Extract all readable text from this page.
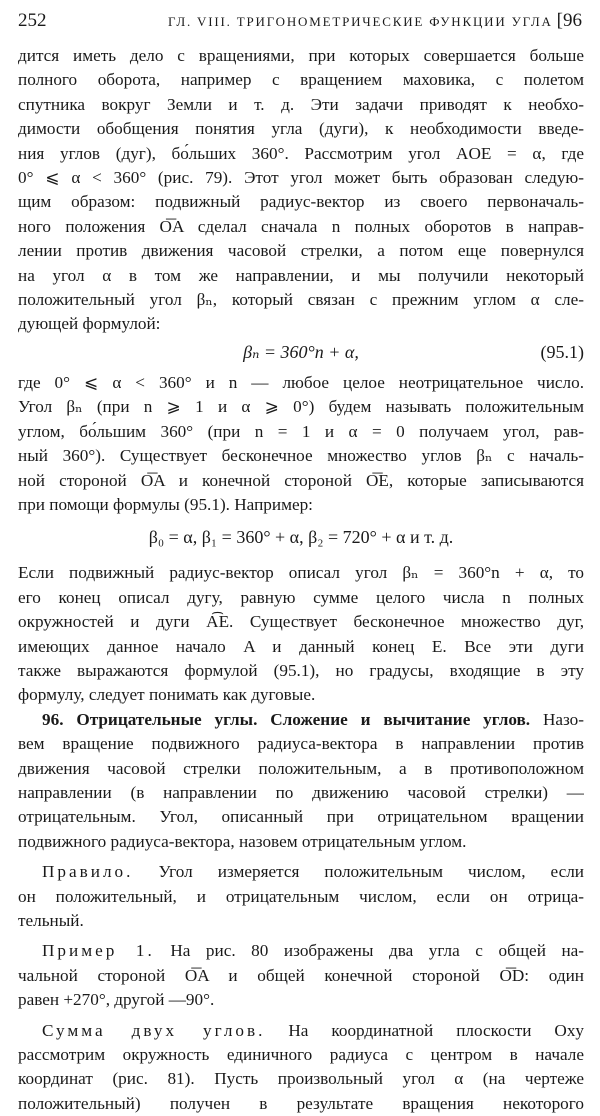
252	ГЛ. VIII. ТРИГОНОМЕТРИЧЕСКИЕ ФУНКЦИИ УГЛА [96
дится иметь дело с вращениями, при которых совершается больше
полного оборота, например с вращением маховика, с полетом
спутника вокруг Земли и т. д. Эти задачи приводят к необхо-
димости обобщения понятия угла (дуги), к необходимости введе-
ния углов (дуг), бо́льших 360°. Рассмотрим угол AOE = α, где
0° ⩽ α < 360° (рис. 79). Этот угол может быть образован следую-
щим образом: подвижный радиус-вектор из своего первоначаль-
ного положения O͞A сделал сначала n полных оборотов в направ-
лении против движения часовой стрелки, а потом еще повернулся
на угол α в том же направлении, и мы получили некоторый
положительный угол βₙ, который связан с прежним углом α сле-
дующей формулой:
βₙ = 360°n + α,	(95.1)
где 0° ⩽ α < 360° и n — любое целое неотрицательное число.
Угол βₙ (при n ⩾ 1 и α ⩾ 0°) будем называть положительным
углом, бо́льшим 360° (при n = 1 и α = 0 получаем угол, рав-
ный 360°). Существует бесконечное множество углов βₙ с началь-
ной стороной O͞A и конечной стороной O͞E, которые записываются
при помощи формулы (95.1). Например:
β₀ = α, β₁ = 360° + α, β₂ = 720° + α и т. д.
Если подвижный радиус-вектор описал угол βₙ = 360°n + α, то
его конец описал дугу, равную сумме целого числа n полных
окружностей и дуги A͡E. Существует бесконечное множество дуг,
имеющих данное начало A и данный конец E. Все эти дуги
также выражаются формулой (95.1), но градусы, входящие в эту
формулу, следует понимать как дуговые.
96. Отрицательные углы. Сложение и вычитание углов. Назо-
вем вращение подвижного радиуса-вектора в направлении против
движения часовой стрелки положительным, а в противоположном
направлении (в направлении по движению часовой стрелки) —
отрицательным. Угол, описанный при отрицательном вращении
подвижного радиуса-вектора, назовем отрицательным углом.
Правило. Угол измеряется положительным числом, если
он положительный, и отрицательным числом, если он отрица-
тельный.
Пример 1. На рис. 80 изображены два угла с общей на-
чальной стороной O͞A и общей конечной стороной O͞D: один
равен +270°, другой —90°.
Сумма двух углов. На координатной плоскости Oxy
рассмотрим окружность единичного радиуса с центром в начале
координат (рис. 81). Пусть произвольный угол α (на чертеже
положительный) получен в результате вращения некоторого
